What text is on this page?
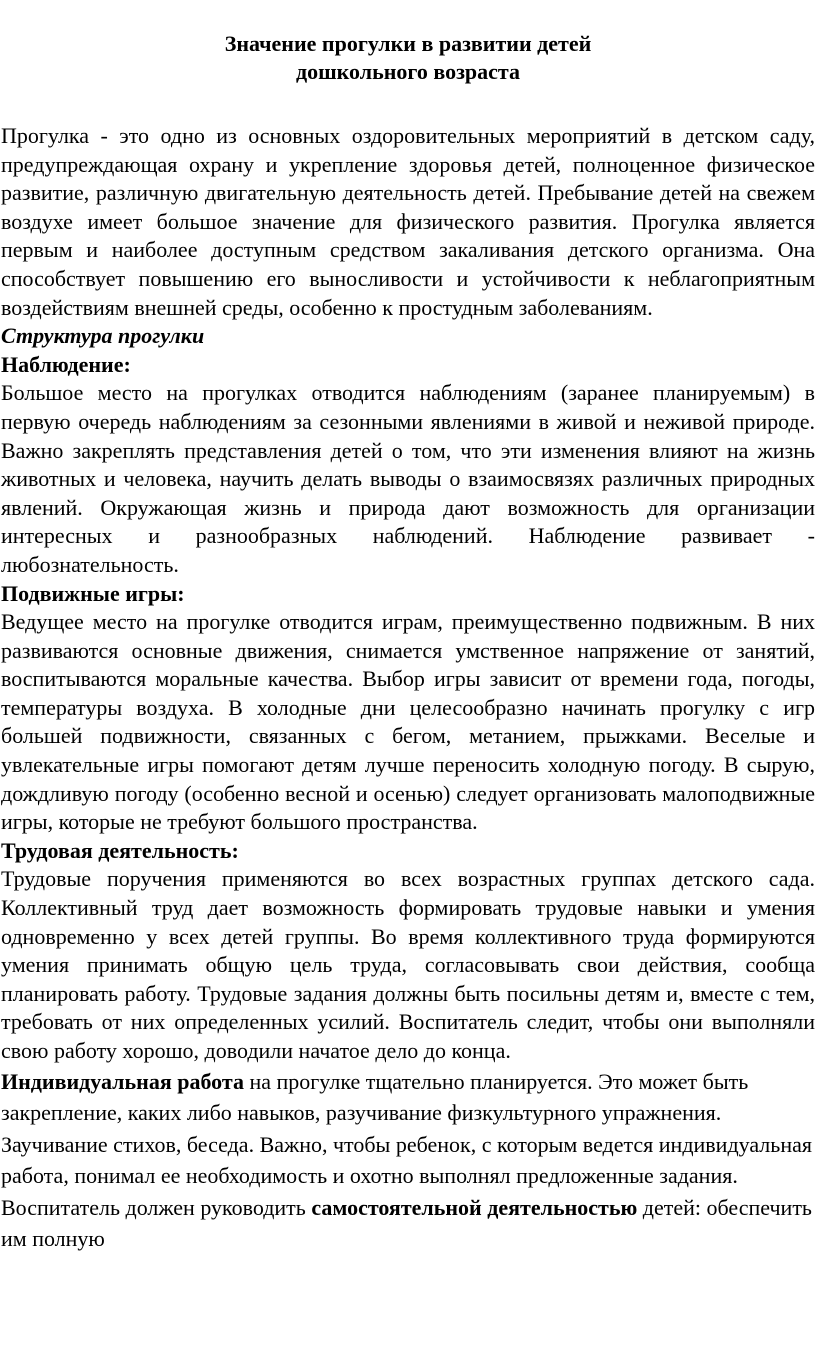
Значение прогулки в развитии детей
дошкольного возраста

Прогулка - это одно из основных оздоровительных мероприятий в детском саду, предупреждающая охрану и укрепление здоровья детей, полноценное физическое развитие, различную двигательную деятельность детей. Пребывание детей на свежем воздухе имеет большое значение для физического развития. Прогулка является первым и наиболее доступным средством закаливания детского организма. Она способствует повышению его выносливости и устойчивости к неблагоприятным воздействиям внешней среды, особенно к простудным заболеваниям.

Структура прогулки

Наблюдение:

Большое место на прогулках отводится наблюдениям (заранее планируемым) в первую очередь наблюдениям за сезонными явлениями в живой и неживой природе. Важно закреплять представления детей о том, что эти изменения влияют на жизнь животных и человека, научить делать выводы о взаимосвязях различных природных явлений. Окружающая жизнь и природа дают возможность для организации интересных и разнообразных наблюдений. Наблюдение развивает - любознательность.

Подвижные игры:

Ведущее место на прогулке отводится играм, преимущественно подвижным. В них развиваются основные движения, снимается умственное напряжение от занятий, воспитываются моральные качества. Выбор игры зависит от времени года, погоды, температуры воздуха. В холодные дни целесообразно начинать прогулку с игр большей подвижности, связанных с бегом, метанием, прыжками. Веселые и увлекательные игры помогают детям лучше переносить холодную погоду. В сырую, дождливую погоду (особенно весной и осенью) следует организовать малоподвижные игры, которые не требуют большого пространства.

Трудовая деятельность:

Трудовые поручения применяются во всех возрастных группах детского сада. Коллективный труд дает возможность формировать трудовые навыки и умения одновременно у всех детей группы. Во время коллективного труда формируются умения принимать общую цель труда, согласовывать свои действия, сообща планировать работу. Трудовые задания должны быть посильны детям и, вместе с тем, требовать от них определенных усилий. Воспитатель следит, чтобы они выполняли свою работу хорошо, доводили начатое дело до конца.

Индивидуальная работа на прогулке тщательно планируется. Это может быть закрепление, каких либо навыков, разучивание физкультурного упражнения. Заучивание стихов, беседа. Важно, чтобы ребенок, с которым ведется индивидуальная работа, понимал ее необходимость и охотно выполнял предложенные задания. Воспитатель должен руководить самостоятельной деятельностью детей: обеспечить им полную
